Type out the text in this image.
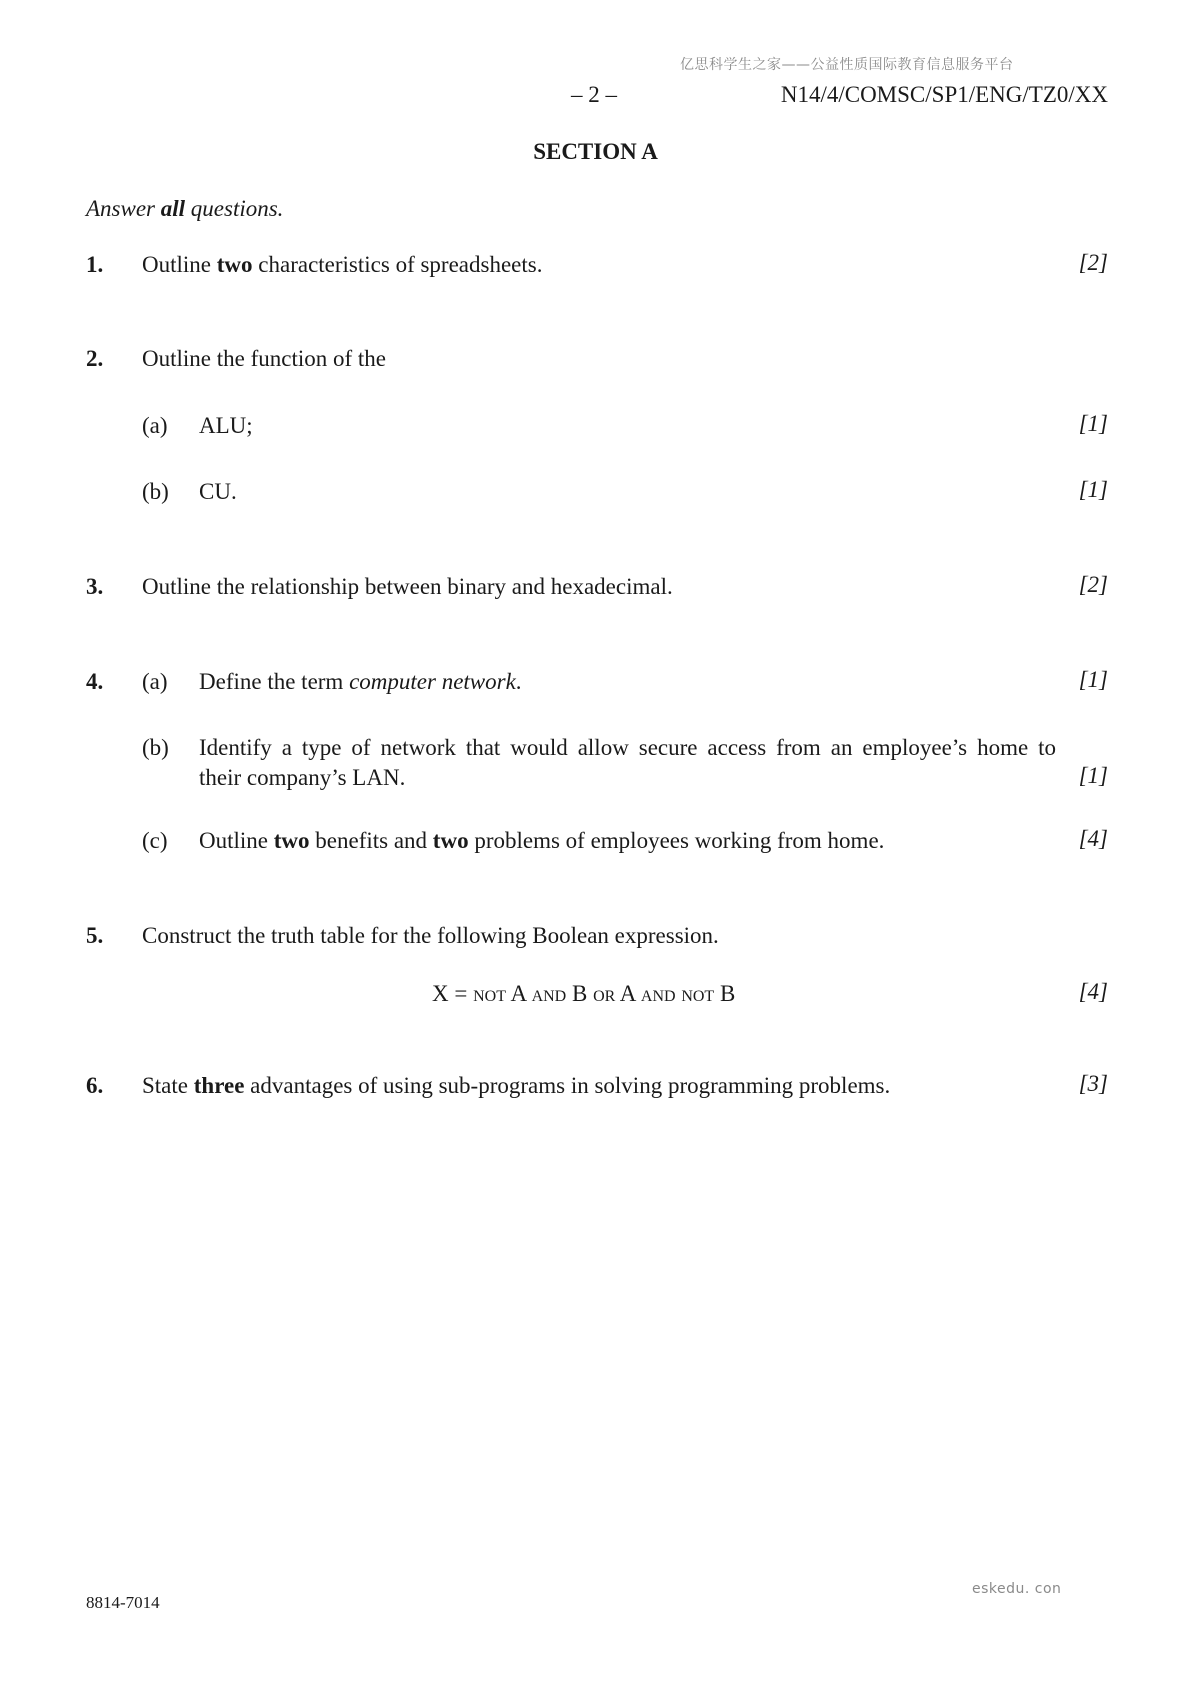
亿思科学生之家——公益性质国际教育信息服务平台
– 2 –	N14/4/COMSC/SP1/ENG/TZ0/XX
SECTION A
Answer all questions.
1. Outline two characteristics of spreadsheets.	[2]
2. Outline the function of the
(a) ALU;	[1]
(b) CU.	[1]
3. Outline the relationship between binary and hexadecimal.	[2]
4. (a) Define the term computer network.	[1]
(b) Identify a type of network that would allow secure access from an employee’s home to
their company’s LAN.	[1]
(c) Outline two benefits and two problems of employees working from home.	[4]
5. Construct the truth table for the following Boolean expression.
X = not A and B or A and not B	[4]
6. State three advantages of using sub-programs in solving programming problems.	[3]
eskedu. con
8814-7014
